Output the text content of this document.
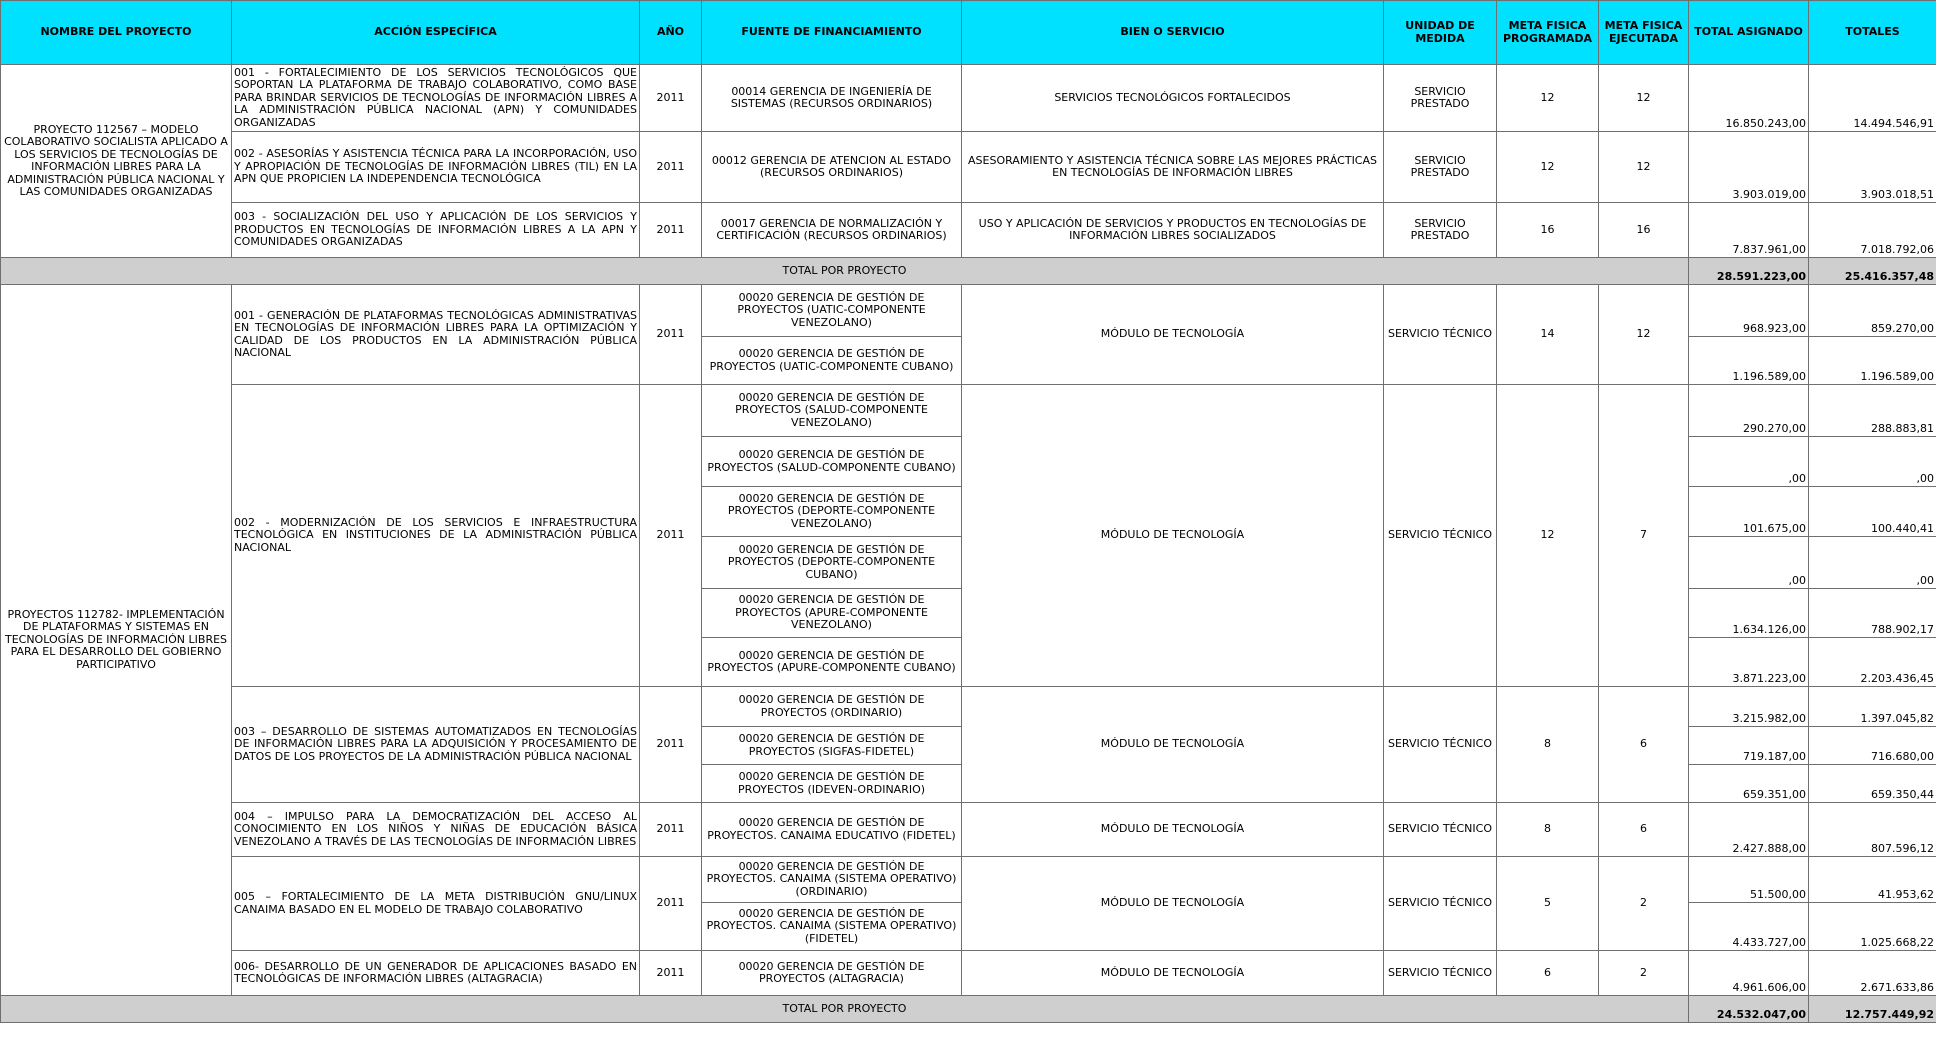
NOMBRE DEL PROYECTO	ACCIÓN ESPECÍFICA	AÑO	FUENTE DE FINANCIAMIENTO	BIEN O SERVICIO	UNIDAD DE MEDIDA	META FISICA PROGRAMADA	META FISICA EJECUTADA	TOTAL ASIGNADO	TOTALES
PROYECTO 112567 – MODELO COLABORATIVO SOCIALISTA APLICADO A LOS SERVICIOS DE TECNOLOGÍAS DE INFORMACIÓN LIBRES PARA LA ADMINISTRACIÓN PÚBLICA NACIONAL Y LAS COMUNIDADES ORGANIZADAS	001 - FORTALECIMIENTO DE LOS SERVICIOS TECNOLÓGICOS QUE SOPORTAN LA PLATAFORMA DE TRABAJO COLABORATIVO, COMO BASE PARA BRINDAR SERVICIOS DE TECNOLOGÍAS DE INFORMACIÓN LIBRES A LA ADMINISTRACIÓN PÚBLICA NACIONAL (APN) Y COMUNIDADES ORGANIZADAS	2011	00014 GERENCIA DE INGENIERÍA DE SISTEMAS (RECURSOS ORDINARIOS)	SERVICIOS TECNOLÓGICOS FORTALECIDOS	SERVICIO PRESTADO	12	12	16.850.243,00	14.494.546,91
	002 - ASESORÍAS Y ASISTENCIA TÉCNICA PARA LA INCORPORACIÓN, USO Y APROPIACIÓN DE TECNOLOGÍAS DE INFORMACIÓN LIBRES (TIL) EN LA APN QUE PROPICIEN LA INDEPENDENCIA TECNOLÓGICA	2011	00012 GERENCIA DE ATENCION AL ESTADO (RECURSOS ORDINARIOS)	ASESORAMIENTO Y ASISTENCIA TÉCNICA SOBRE LAS MEJORES PRÁCTICAS EN TECNOLOGÍAS DE INFORMACIÓN LIBRES	SERVICIO PRESTADO	12	12	3.903.019,00	3.903.018,51
	003 - SOCIALIZACIÓN DEL USO Y APLICACIÓN DE LOS SERVICIOS Y PRODUCTOS EN TECNOLOGÍAS DE INFORMACIÓN LIBRES A LA APN Y COMUNIDADES ORGANIZADAS	2011	00017 GERENCIA DE NORMALIZACIÓN Y CERTIFICACIÓN (RECURSOS ORDINARIOS)	USO Y APLICACIÓN DE SERVICIOS Y PRODUCTOS EN TECNOLOGÍAS DE INFORMACIÓN LIBRES SOCIALIZADOS	SERVICIO PRESTADO	16	16	7.837.961,00	7.018.792,06
TOTAL POR PROYECTO								28.591.223,00	25.416.357,48
PROYECTOS 112782- IMPLEMENTACIÓN DE PLATAFORMAS Y SISTEMAS EN TECNOLOGÍAS DE INFORMACIÓN LIBRES PARA EL DESARROLLO DEL GOBIERNO PARTICIPATIVO	001 - GENERACIÓN DE PLATAFORMAS TECNOLÓGICAS ADMINISTRATIVAS EN TECNOLOGÍAS DE INFORMACIÓN LIBRES PARA LA OPTIMIZACIÓN Y CALIDAD DE LOS PRODUCTOS EN LA ADMINISTRACIÓN PÚBLICA NACIONAL	2011	00020 GERENCIA DE GESTIÓN DE PROYECTOS (UATIC-COMPONENTE VENEZOLANO)	MÓDULO DE TECNOLOGÍA	SERVICIO TÉCNICO	14	12	968.923,00	859.270,00
			00020 GERENCIA DE GESTIÓN DE PROYECTOS (UATIC-COMPONENTE CUBANO)					1.196.589,00	1.196.589,00
	002 - MODERNIZACIÓN DE LOS SERVICIOS E INFRAESTRUCTURA TECNOLÓGICA EN INSTITUCIONES DE LA ADMINISTRACIÓN PÚBLICA NACIONAL	2011	00020 GERENCIA DE GESTIÓN DE PROYECTOS (SALUD-COMPONENTE VENEZOLANO)	MÓDULO DE TECNOLOGÍA	SERVICIO TÉCNICO	12	7	290.270,00	288.883,81
			00020 GERENCIA DE GESTIÓN DE PROYECTOS (SALUD-COMPONENTE CUBANO)					,00	,00
			00020 GERENCIA DE GESTIÓN DE PROYECTOS (DEPORTE-COMPONENTE VENEZOLANO)					101.675,00	100.440,41
			00020 GERENCIA DE GESTIÓN DE PROYECTOS (DEPORTE-COMPONENTE CUBANO)					,00	,00
			00020 GERENCIA DE GESTIÓN DE PROYECTOS (APURE-COMPONENTE VENEZOLANO)					1.634.126,00	788.902,17
			00020 GERENCIA DE GESTIÓN DE PROYECTOS (APURE-COMPONENTE CUBANO)					3.871.223,00	2.203.436,45
	003 – DESARROLLO DE SISTEMAS AUTOMATIZADOS EN TECNOLOGÍAS DE INFORMACIÓN LIBRES PARA LA ADQUISICIÓN Y PROCESAMIENTO DE DATOS DE LOS PROYECTOS DE LA ADMINISTRACIÓN PÚBLICA NACIONAL	2011	00020 GERENCIA DE GESTIÓN DE PROYECTOS (ORDINARIO)	MÓDULO DE TECNOLOGÍA	SERVICIO TÉCNICO	8	6	3.215.982,00	1.397.045,82
			00020 GERENCIA DE GESTIÓN DE PROYECTOS (SIGFAS-FIDETEL)					719.187,00	716.680,00
			00020 GERENCIA DE GESTIÓN DE PROYECTOS (IDEVEN-ORDINARIO)					659.351,00	659.350,44
	004 – IMPULSO PARA LA DEMOCRATIZACIÓN DEL ACCESO AL CONOCIMIENTO EN LOS NIÑOS Y NIÑAS DE EDUCACIÓN BÁSICA VENEZOLANO A TRAVÉS DE LAS TECNOLOGÍAS DE INFORMACIÓN LIBRES	2011	00020 GERENCIA DE GESTIÓN DE PROYECTOS. CANAIMA EDUCATIVO (FIDETEL)	MÓDULO DE TECNOLOGÍA	SERVICIO TÉCNICO	8	6	2.427.888,00	807.596,12
	005 – FORTALECIMIENTO DE LA META DISTRIBUCIÓN GNU/LINUX CANAIMA BASADO EN EL MODELO DE TRABAJO COLABORATIVO	2011	00020 GERENCIA DE GESTIÓN DE PROYECTOS. CANAIMA (SISTEMA OPERATIVO) (ORDINARIO)	MÓDULO DE TECNOLOGÍA	SERVICIO TÉCNICO	5	2	51.500,00	41.953,62
			00020 GERENCIA DE GESTIÓN DE PROYECTOS. CANAIMA (SISTEMA OPERATIVO) (FIDETEL)					4.433.727,00	1.025.668,22
	006- DESARROLLO DE UN GENERADOR DE APLICACIONES BASADO EN TECNOLÓGICAS DE INFORMACIÓN LIBRES (ALTAGRACIA)	2011	00020 GERENCIA DE GESTIÓN DE PROYECTOS (ALTAGRACIA)	MÓDULO DE TECNOLOGÍA	SERVICIO TÉCNICO	6	2	4.961.606,00	2.671.633,86
TOTAL POR PROYECTO								24.532.047,00	12.757.449,92
